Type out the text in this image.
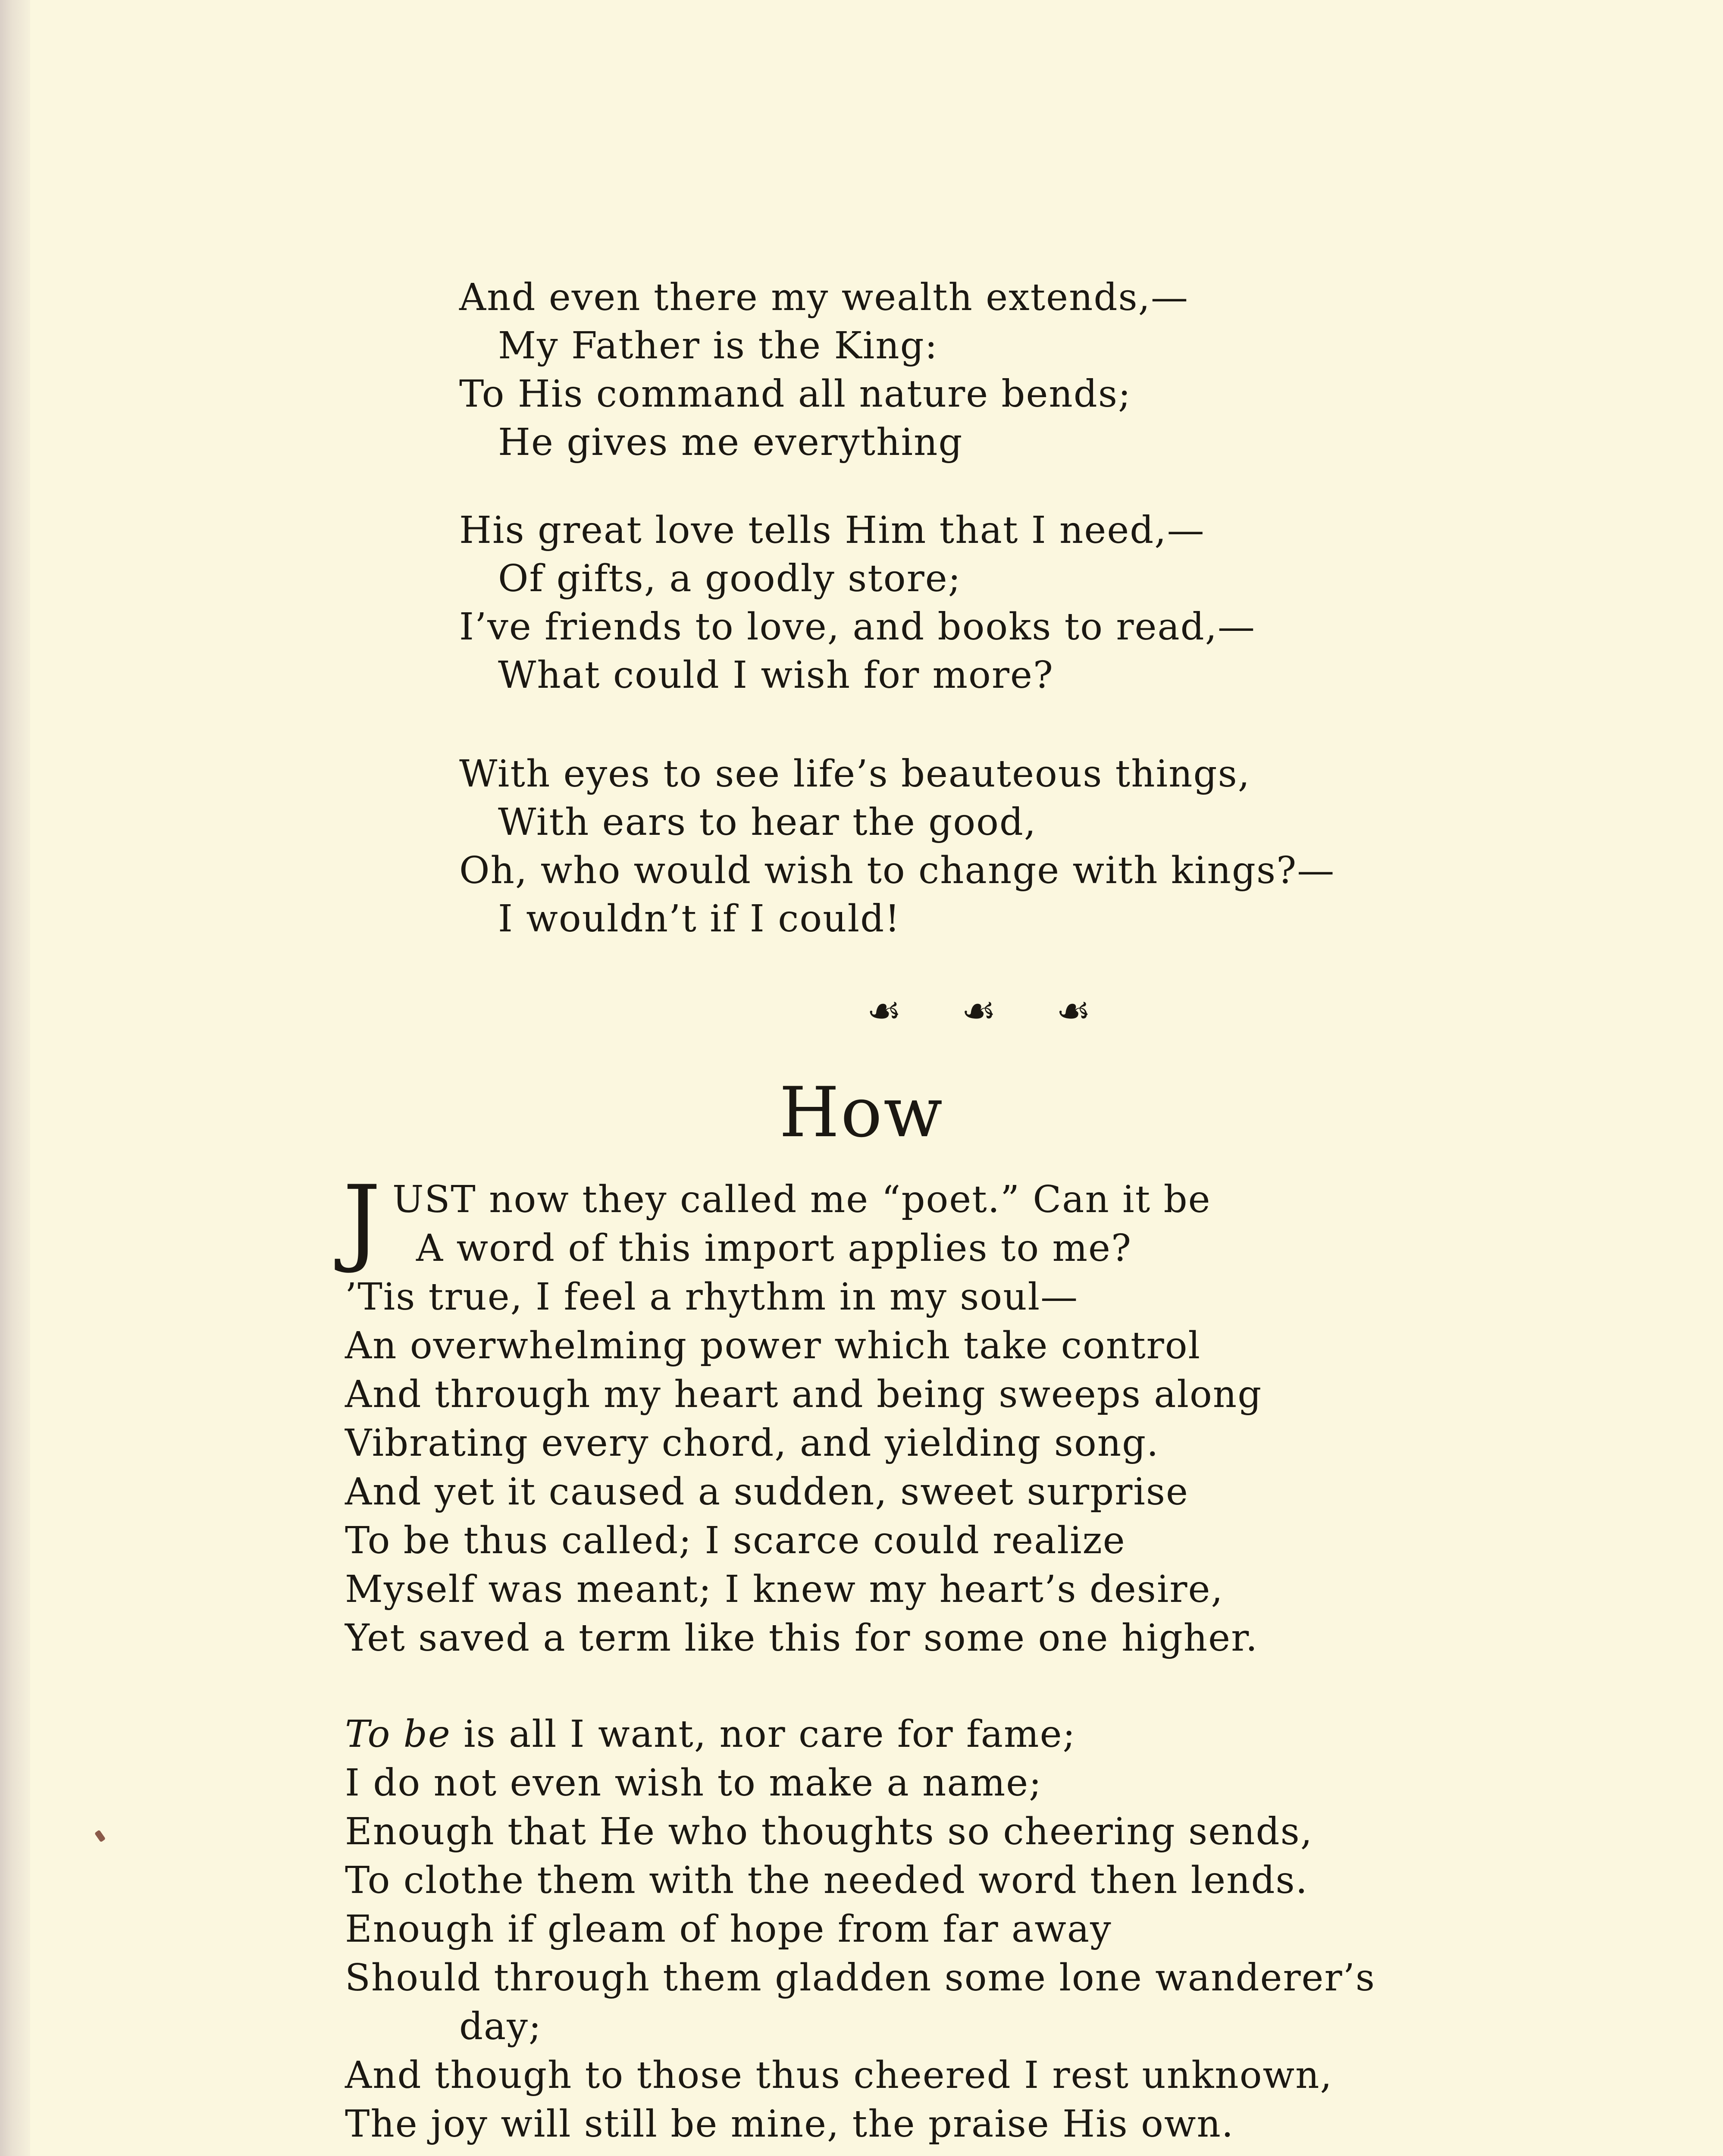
And even there my wealth extends,—
My Father is the King:
To His command all nature bends;
He gives me everything
His great love tells Him that I need,—
Of gifts, a goodly store;
I’ve friends to love, and books to read,—
What could I wish for more?
With eyes to see life’s beauteous things,
With ears to hear the good,
Oh, who would wish to change with kings?—
I wouldn’t if I could!
☙ ☙ ☙
How
J UST now they called me “poet.” Can it be
A word of this import applies to me?
’Tis true, I feel a rhythm in my soul—
An overwhelming power which take control
And through my heart and being sweeps along
Vibrating every chord, and yielding song.
And yet it caused a sudden, sweet surprise
To be thus called; I scarce could realize
Myself was meant; I knew my heart’s desire,
Yet saved a term like this for some one higher.
To be is all I want, nor care for fame;
I do not even wish to make a name;
Enough that He who thoughts so cheering sends,
To clothe them with the needed word then lends.
Enough if gleam of hope from far away
Should through them gladden some lone wanderer’s
day;
And though to those thus cheered I rest unknown,
The joy will still be mine, the praise His own.
